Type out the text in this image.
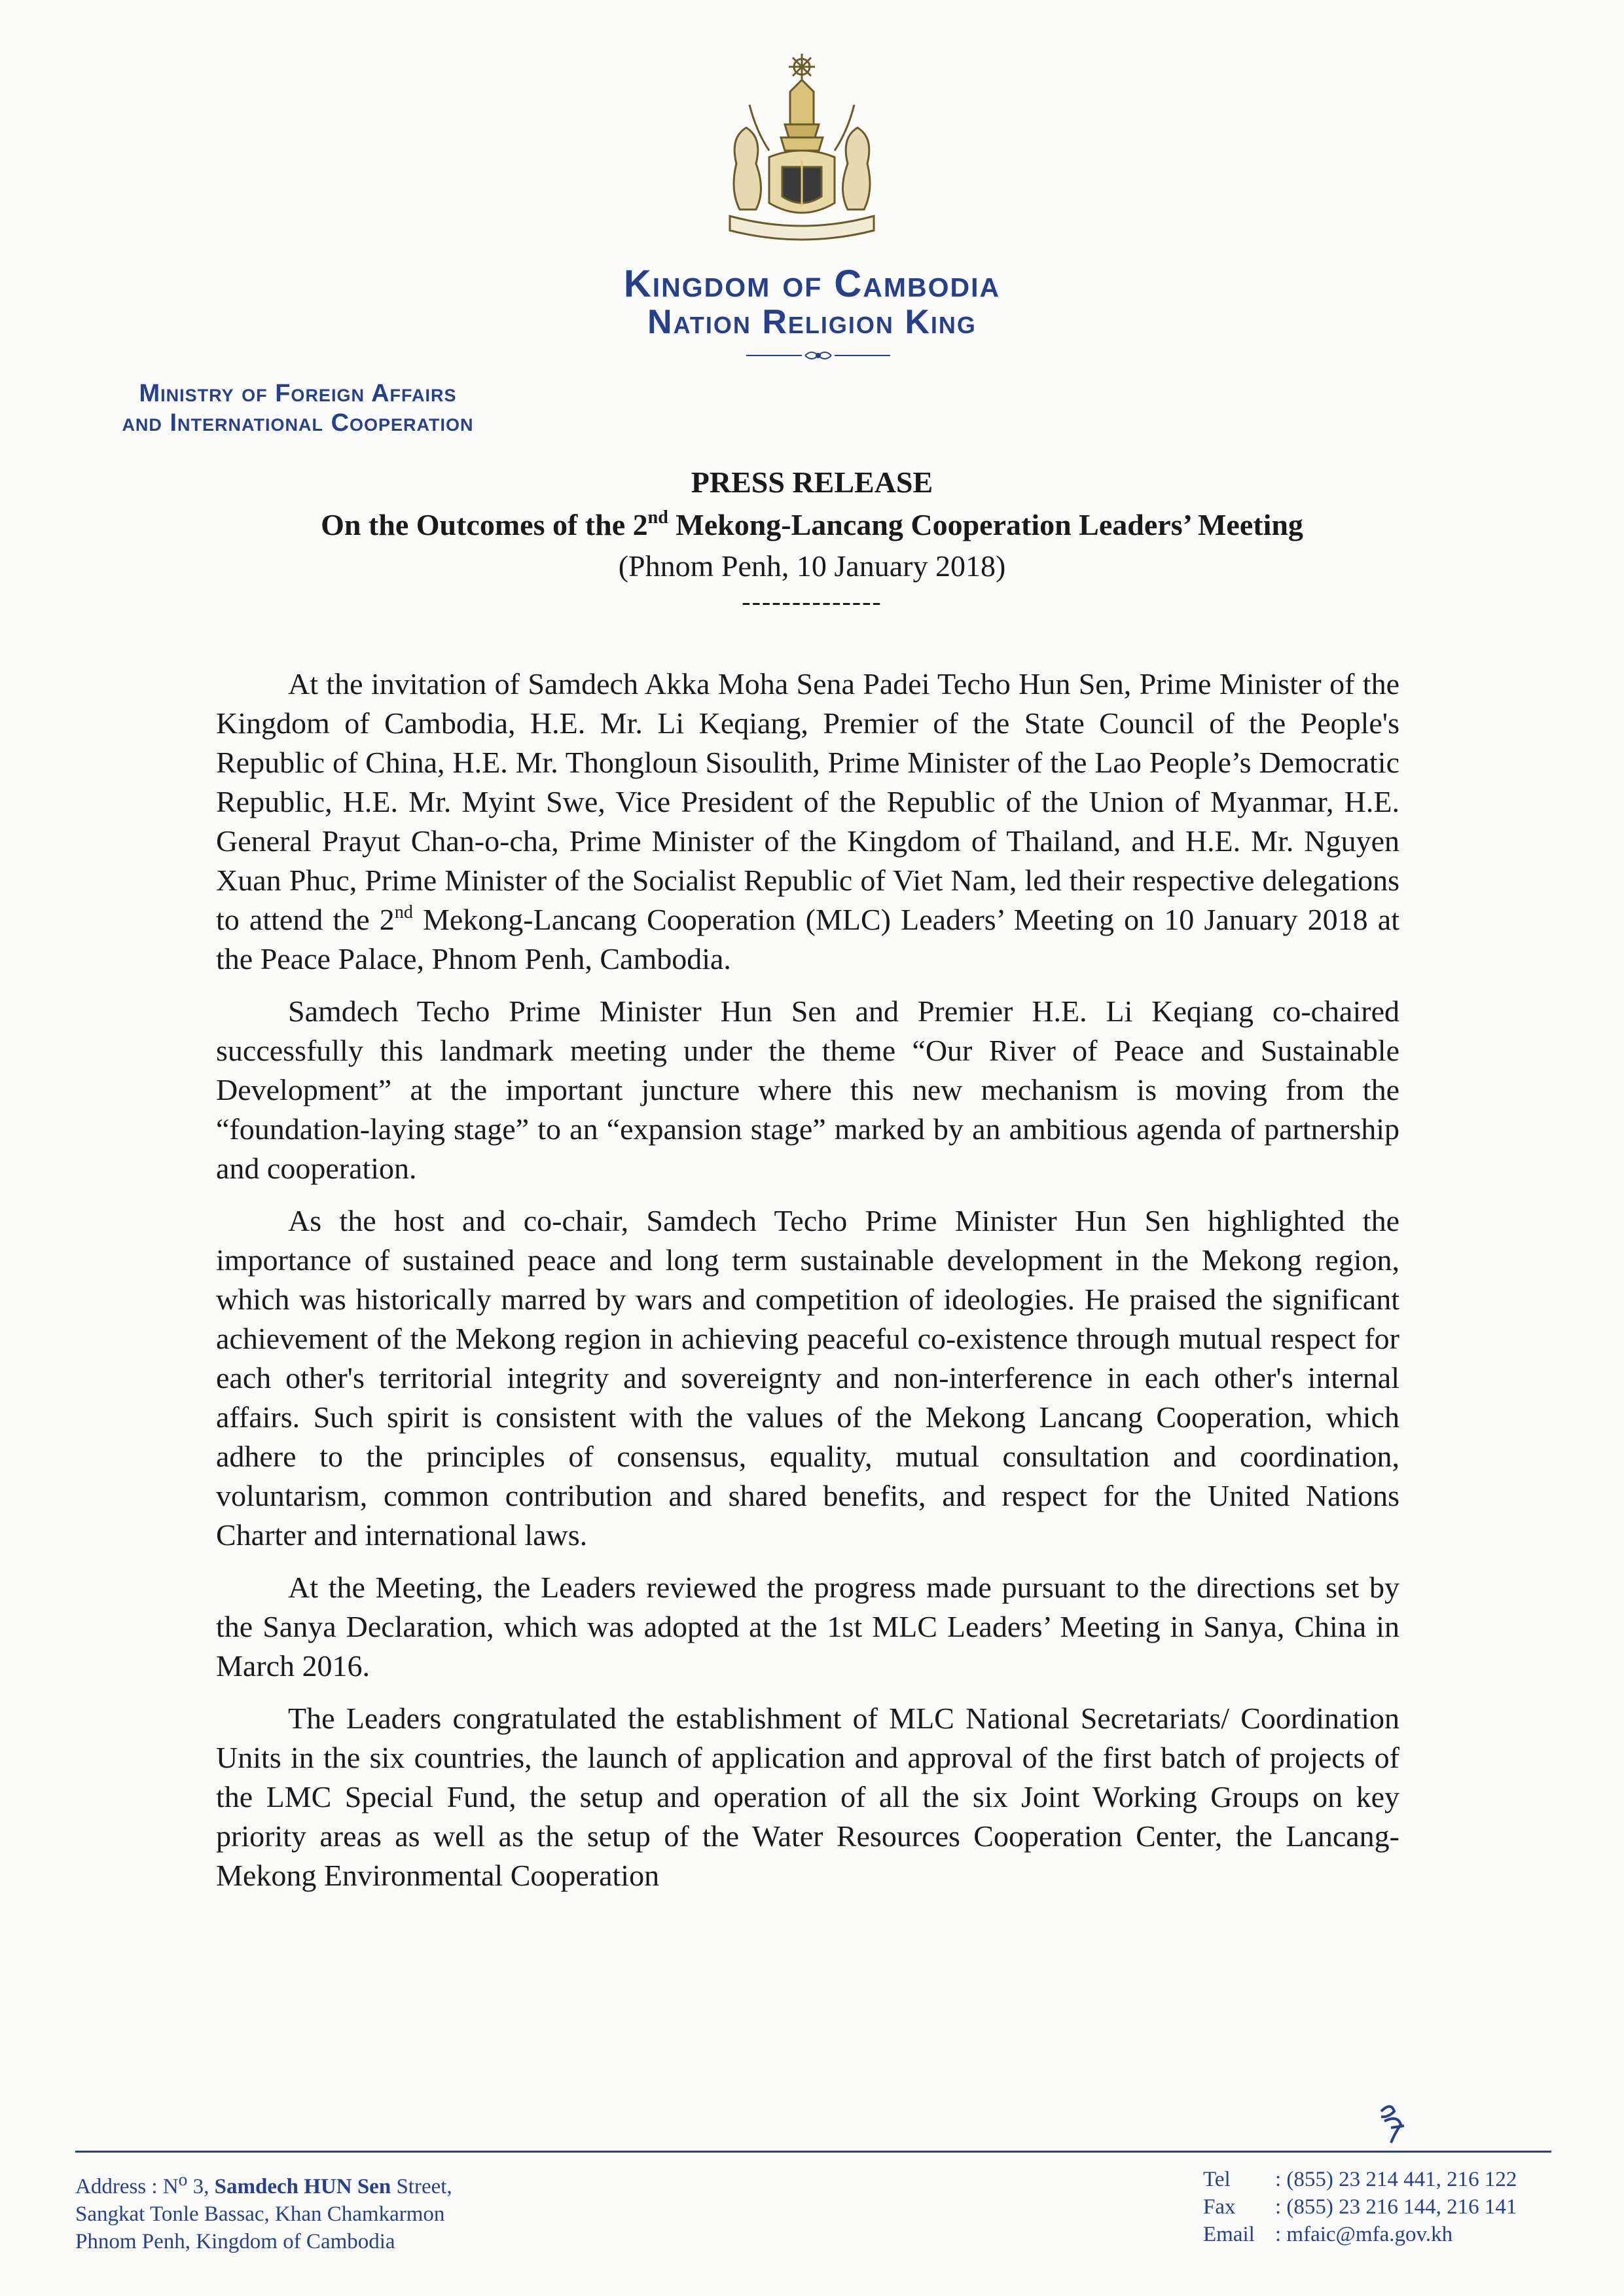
Kingdom of Cambodia
Nation Religion King
Ministry of Foreign Affairs
and International Cooperation
PRESS RELEASE
On the Outcomes of the 2nd Mekong-Lancang Cooperation Leaders’ Meeting
(Phnom Penh, 10 January 2018)
--------------

At the invitation of Samdech Akka Moha Sena Padei Techo Hun Sen, Prime Minister of the Kingdom of Cambodia, H.E. Mr. Li Keqiang, Premier of the State Council of the People's Republic of China, H.E. Mr. Thongloun Sisoulith, Prime Minister of the Lao People’s Democratic Republic, H.E. Mr. Myint Swe, Vice President of the Republic of the Union of Myanmar, H.E. General Prayut Chan-o-cha, Prime Minister of the Kingdom of Thailand, and H.E. Mr. Nguyen Xuan Phuc, Prime Minister of the Socialist Republic of Viet Nam, led their respective delegations to attend the 2nd Mekong-Lancang Cooperation (MLC) Leaders’ Meeting on 10 January 2018 at the Peace Palace, Phnom Penh, Cambodia.

Samdech Techo Prime Minister Hun Sen and Premier H.E. Li Keqiang co-chaired successfully this landmark meeting under the theme “Our River of Peace and Sustainable Development” at the important juncture where this new mechanism is moving from the “foundation-laying stage” to an “expansion stage” marked by an ambitious agenda of partnership and cooperation.

As the host and co-chair, Samdech Techo Prime Minister Hun Sen highlighted the importance of sustained peace and long term sustainable development in the Mekong region, which was historically marred by wars and competition of ideologies. He praised the significant achievement of the Mekong region in achieving peaceful co-existence through mutual respect for each other's territorial integrity and sovereignty and non-interference in each other's internal affairs. Such spirit is consistent with the values of the Mekong Lancang Cooperation, which adhere to the principles of consensus, equality, mutual consultation and coordination, voluntarism, common contribution and shared benefits, and respect for the United Nations Charter and international laws.

At the Meeting, the Leaders reviewed the progress made pursuant to the directions set by the Sanya Declaration, which was adopted at the 1st MLC Leaders’ Meeting in Sanya, China in March 2016.

The Leaders congratulated the establishment of MLC National Secretariats/ Coordination Units in the six countries, the launch of application and approval of the first batch of projects of the LMC Special Fund, the setup and operation of all the six Joint Working Groups on key priority areas as well as the setup of the Water Resources Cooperation Center, the Lancang-Mekong Environmental Cooperation

Address : $N^o$ 3, Samdech HUN Sen Street,
Sangkat Tonle Bassac, Khan Chamkarmon
Phnom Penh, Kingdom of Cambodia
Tel	: (855) 23 214 441, 216 122
Fax	: (855) 23 216 144, 216 141
Email : mfaic@mfa.gov.kh
